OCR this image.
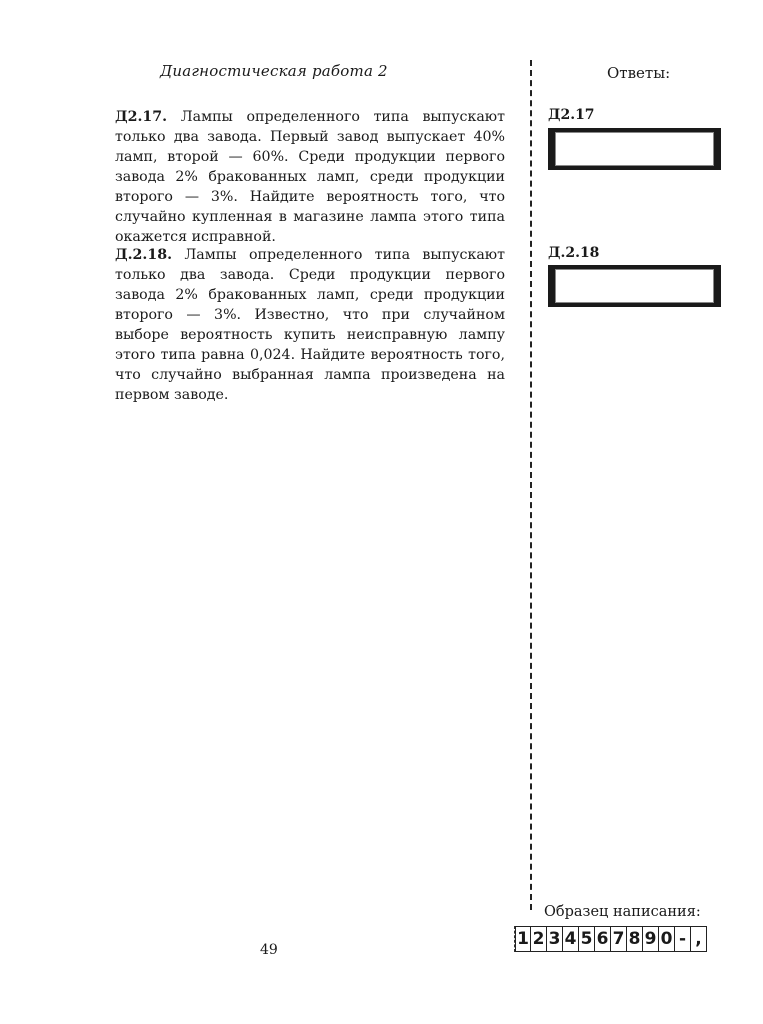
Диагностическая работа 2	Ответы:
Д2.17. Лампы определенного типа выпускают только два завода. Первый завод выпускает 40% ламп, второй — 60%. Среди продукции первого завода 2% бракованных ламп, среди продукции второго — 3%. Найдите вероятность того, что случайно купленная в магазине лампа этого типа окажется исправной.
Д.2.18. Лампы определенного типа выпускают только два завода. Среди продукции первого завода 2% бракованных ламп, среди продукции второго — 3%. Известно, что при случайном выборе вероятность купить неисправную лампу этого типа равна 0,024. Найдите вероятность того, что случайно выбранная лампа произведена на первом заводе.
Д2.17
Д.2.18
Образец написания:
1 2 3 4 5 6 7 8 9 0 - ,
49
